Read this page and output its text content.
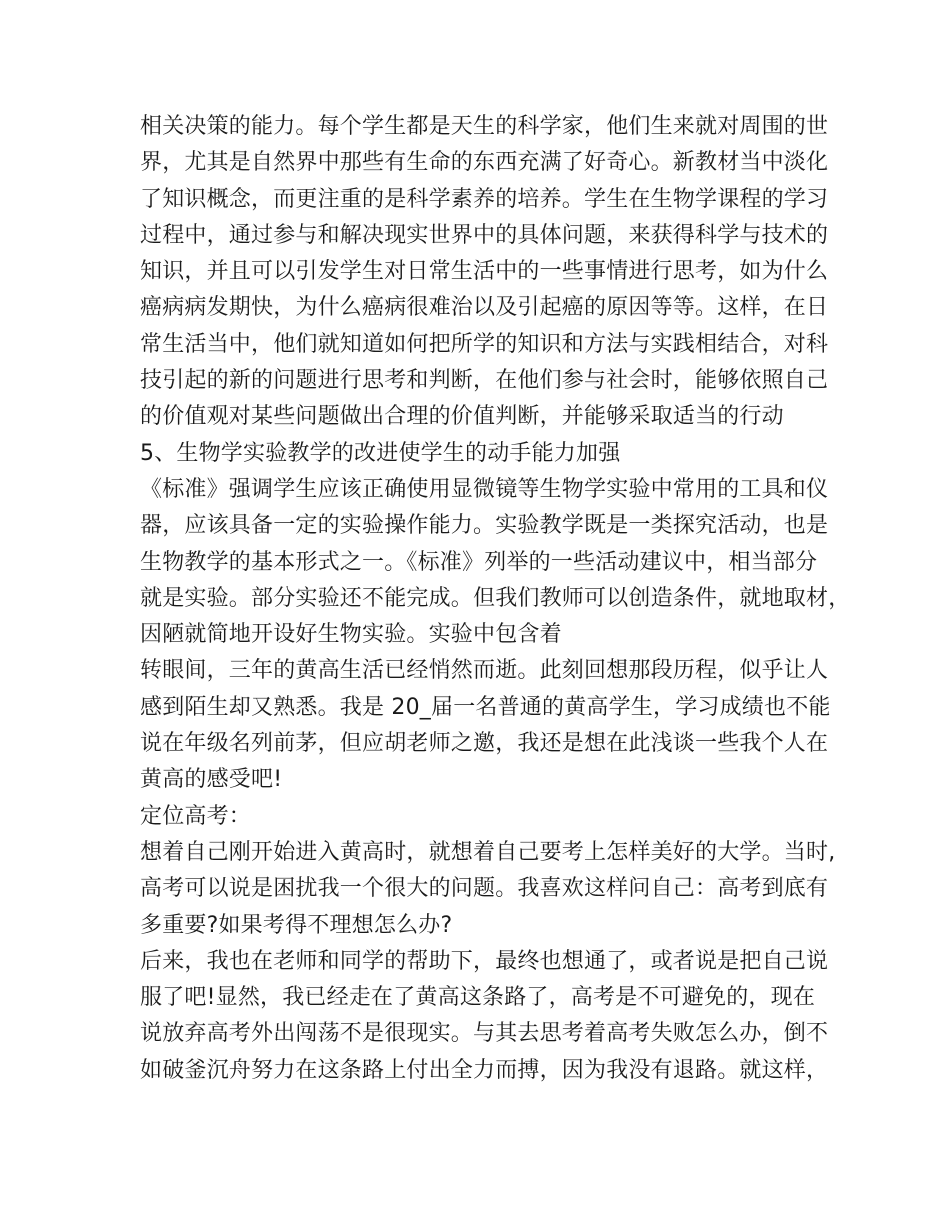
相关决策的能力。每个学生都是天生的科学家，他们生来就对周围的世
界，尤其是自然界中那些有生命的东西充满了好奇心。新教材当中淡化
了知识概念，而更注重的是科学素养的培养。学生在生物学课程的学习
过程中，通过参与和解决现实世界中的具体问题，来获得科学与技术的
知识，并且可以引发学生对日常生活中的一些事情进行思考，如为什么
癌病病发期快，为什么癌病很难治以及引起癌的原因等等。这样，在日
常生活当中，他们就知道如何把所学的知识和方法与实践相结合，对科
技引起的新的问题进行思考和判断，在他们参与社会时，能够依照自己
的价值观对某些问题做出合理的价值判断，并能够采取适当的行动
5、生物学实验教学的改进使学生的动手能力加强
《标准》强调学生应该正确使用显微镜等生物学实验中常用的工具和仪
器，应该具备一定的实验操作能力。实验教学既是一类探究活动，也是
生物教学的基本形式之一。《标准》列举的一些活动建议中，相当部分
就是实验。部分实验还不能完成。但我们教师可以创造条件，就地取材，
因陋就简地开设好生物实验。实验中包含着
转眼间，三年的黄高生活已经悄然而逝。此刻回想那段历程，似乎让人
感到陌生却又熟悉。我是 20_届一名普通的黄高学生，学习成绩也不能
说在年级名列前茅，但应胡老师之邀，我还是想在此浅谈一些我个人在
黄高的感受吧!
定位高考：
想着自己刚开始进入黄高时，就想着自己要考上怎样美好的大学。当时,
高考可以说是困扰我一个很大的问题。我喜欢这样问自己：高考到底有
多重要?如果考得不理想怎么办?
后来，我也在老师和同学的帮助下，最终也想通了，或者说是把自己说
服了吧!显然，我已经走在了黄高这条路了，高考是不可避免的，现在
说放弃高考外出闯荡不是很现实。与其去思考着高考失败怎么办，倒不
如破釜沉舟努力在这条路上付出全力而搏，因为我没有退路。就这样，
